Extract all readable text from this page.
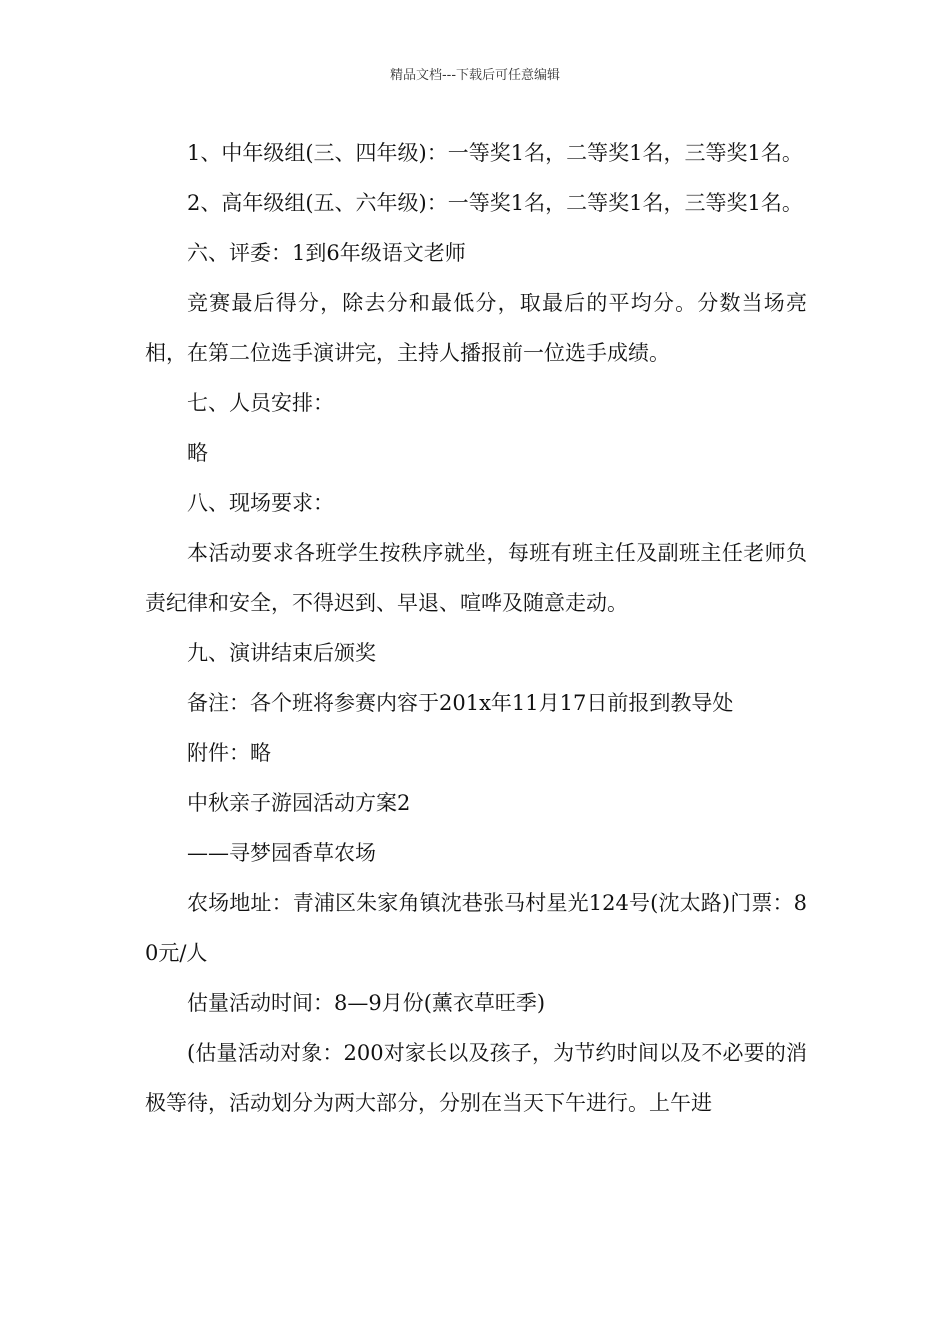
精品文档---下载后可任意编辑

1、中年级组(三、四年级)：一等奖1名，二等奖1名，三等奖1名。

2、高年级组(五、六年级)：一等奖1名，二等奖1名，三等奖1名。

六、评委：1到6年级语文老师

竞赛最后得分，除去分和最低分，取最后的平均分。分数当场亮相，在第二位选手演讲完，主持人播报前一位选手成绩。

七、人员安排：

略

八、现场要求：

本活动要求各班学生按秩序就坐，每班有班主任及副班主任老师负责纪律和安全，不得迟到、早退、喧哗及随意走动。

九、演讲结束后颁奖

备注：各个班将参赛内容于201x年11月17日前报到教导处

附件：略

中秋亲子游园活动方案2

——寻梦园香草农场

农场地址：青浦区朱家角镇沈巷张马村星光124号(沈太路)门票：80元/人

估量活动时间：8—9月份(薰衣草旺季)

(估量活动对象：200对家长以及孩子，为节约时间以及不必要的消极等待，活动划分为两大部分，分别在当天下午进行。上午进
